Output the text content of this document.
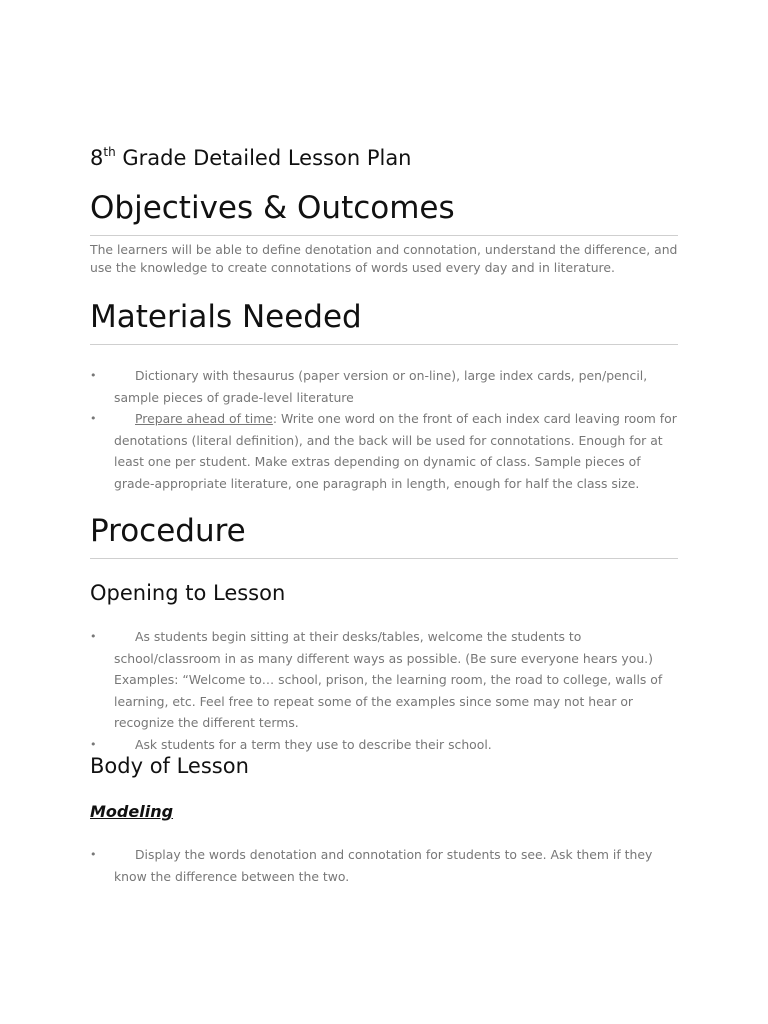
8th Grade Detailed Lesson Plan
Objectives & Outcomes
The learners will be able to define denotation and connotation, understand the difference, and use the knowledge to create connotations of words used every day and in literature.
Materials Needed
•	Dictionary with thesaurus (paper version or on-line), large index cards, pen/pencil, sample pieces of grade-level literature
•	Prepare ahead of time: Write one word on the front of each index card leaving room for denotations (literal definition), and the back will be used for connotations. Enough for at least one per student. Make extras depending on dynamic of class. Sample pieces of grade-appropriate literature, one paragraph in length, enough for half the class size.
Procedure
Opening to Lesson
•	As students begin sitting at their desks/tables, welcome the students to school/classroom in as many different ways as possible. (Be sure everyone hears you.) Examples: “Welcome to… school, prison, the learning room, the road to college, walls of learning, etc. Feel free to repeat some of the examples since some may not hear or recognize the different terms.
•	Ask students for a term they use to describe their school.
Body of Lesson
Modeling
•	Display the words denotation and connotation for students to see. Ask them if they know the difference between the two.
